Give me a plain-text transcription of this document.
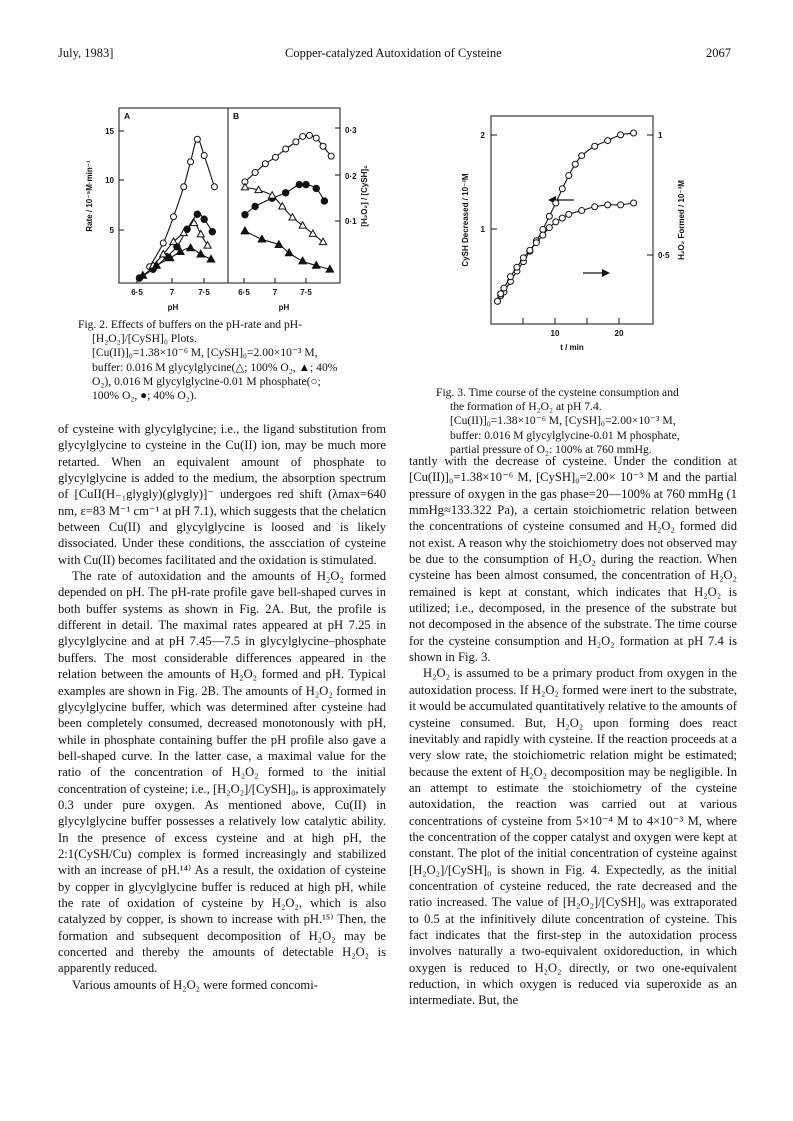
July, 1983]	Copper-catalyzed Autoxidation of Cysteine	2067
A	B
15
10
5
0·3
0·2
0·1
6·5	7	7·5	6·5	7	7·5
pH	pH
Rate / 10⁻⁵M·min⁻¹	[H₂O₂] / [CySH]₀
Fig. 2. Effects of buffers on the pH-rate and pH-
[H₂O₂]/[CySH]₀ Plots.
[Cu(II)]₀=1.38×10⁻⁶ M, [CySH]₀=2.00×10⁻³ M,
buffer: 0.016 M glycylglycine(△; 100% O₂, ▲; 40%
O₂), 0.016 M glycylglycine-0.01 M phosphate(○;
100% O₂, ●; 40% O₂).
2
1
1
0·5
10	20
t / min
CySH Decreased / 10⁻³M	H₂O₂ Formed / 10⁻³M
Fig. 3. Time course of the cysteine consumption and
the formation of H₂O₂ at pH 7.4.
[Cu(II)]₀=1.38×10⁻⁶ M, [CySH]₀=2.00×10⁻³ M,
buffer: 0.016 M glycylglycine-0.01 M phosphate,
partial pressure of O₂: 100% at 760 mmHg.

of cysteine with glycylglycine; i.e., the ligand substitution from glycylglycine to cysteine in the Cu(II) ion, may be much more retarted. When an equivalent amount of phosphate to glycylglycine is added to the medium, the absorption spectrum of [CuII(H₋₁glygly)(glygly)]⁻ undergoes red shift (λmax=640 nm, ε=83 M⁻¹ cm⁻¹ at pH 7.1), which suggests that the chelaticn between Cu(II) and glycylglycine is loosed and is likely dissociated. Under these conditions, the asscciation of cysteine with Cu(II) becomes facilitated and the oxidation is stimulated.

The rate of autoxidation and the amounts of H₂O₂ formed depended on pH. The pH-rate profile gave bell-shaped curves in both buffer systems as shown in Fig. 2A. But, the profile is different in detail. The maximal rates appeared at pH 7.25 in glycylglycine and at pH 7.45—7.5 in glycylglycine–phosphate buffers. The most considerable differences appeared in the relation between the amounts of H₂O₂ formed and pH. Typical examples are shown in Fig. 2B. The amounts of H₂O₂ formed in glycylglycine buffer, which was determined after cysteine had been completely consumed, decreased monotonously with pH, while in phosphate containing buffer the pH profile also gave a bell-shaped curve. In the latter case, a maximal value for the ratio of the concentration of H₂O₂ formed to the initial concentration of cysteine; i.e., [H₂O₂]/[CySH]₀, is approximately 0.3 under pure oxygen. As mentioned above, Cu(II) in glycylglycine buffer possesses a relatively low catalytic ability. In the presence of excess cysteine and at high pH, the 2:1(CySH/Cu) complex is formed increasingly and stabilized with an increase of pH.¹⁴⁾ As a result, the oxidation of cysteine by copper in glycylglycine buffer is reduced at high pH, while the rate of oxidation of cysteine by H₂O₂, which is also catalyzed by copper, is shown to increase with pH.¹⁵⁾ Then, the formation and subsequent decomposition of H₂O₂ may be concerted and thereby the amounts of detectable H₂O₂ is apparently reduced.

Various amounts of H₂O₂ were formed concomi-

tantly with the decrease of cysteine. Under the condition at [Cu(II)]₀=1.38×10⁻⁶ M, [CySH]₀=2.00× 10⁻³ M and the partial pressure of oxygen in the gas phase=20—100% at 760 mmHg (1 mmHg≈133.322 Pa), a certain stoichiometric relation between the concentrations of cysteine consumed and H₂O₂ formed did not exist. A reason why the stoichiometry does not observed may be due to the consumption of H₂O₂ during the reaction. When cysteine has been almost consumed, the concentration of H₂O₂ remained is kept at constant, which indicates that H₂O₂ is utilized; i.e., decomposed, in the presence of the substrate but not decomposed in the absence of the substrate. The time course for the cysteine consumption and H₂O₂ formation at pH 7.4 is shown in Fig. 3.

H₂O₂ is assumed to be a primary product from oxygen in the autoxidation process. If H₂O₂ formed were inert to the substrate, it would be accumulated quantitatively relative to the amounts of cysteine consumed. But, H₂O₂ upon forming does react inevitably and rapidly with cysteine. If the reaction proceeds at a very slow rate, the stoichiometric relation might be estimated; because the extent of H₂O₂ decomposition may be negligible. In an attempt to estimate the stoichiometry of the cysteine autoxidation, the reaction was carried out at various concentrations of cysteine from 5×10⁻⁴ M to 4×10⁻³ M, where the concentration of the copper catalyst and oxygen were kept at constant. The plot of the initial concentration of cysteine against [H₂O₂]/[CySH]₀ is shown in Fig. 4. Expectedly, as the initial concentration of cysteine reduced, the rate decreased and the ratio increased. The value of [H₂O₂]/[CySH]₀ was extraporated to 0.5 at the infinitively dilute concentration of cysteine. This fact indicates that the first-step in the autoxidation process involves naturally a two-equivalent oxidoreduction, in which oxygen is reduced to H₂O₂ directly, or two one-equivalent reduction, in which oxygen is reduced via superoxide as an intermediate. But, the
